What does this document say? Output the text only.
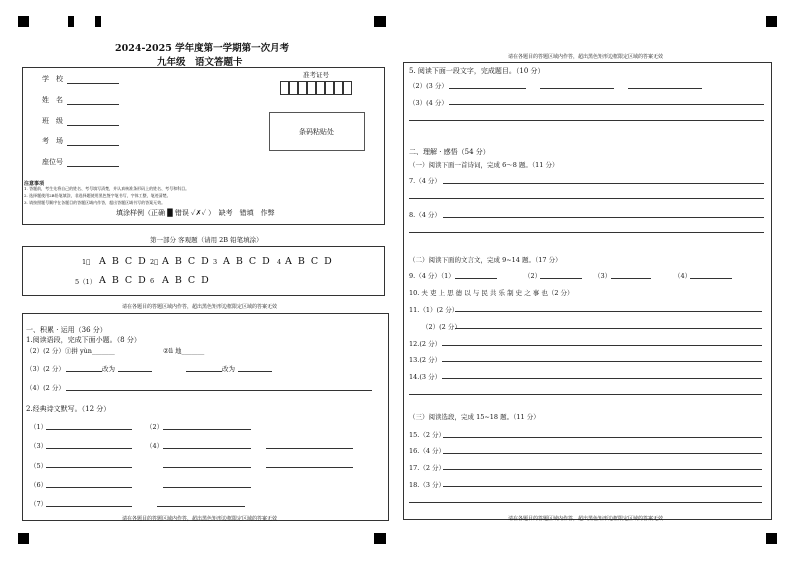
2024-2025 学年度第一学期第一次月考
九年级　语文答题卡
学　校
姓　名
班　级
考　场
座位号
准考证号
条码粘贴处
注意事项
1. 答题前，考生先将自己的姓名、考号填写清楚，并认真核准条形码上的姓名、考号和科目。
2. 选择题使用2B铅笔填涂，非选择题使用黑色签字笔书写，字体工整，笔迹清楚。
3. 请按照题号顺序在各题目的答题区域内作答，超出答题区域书写的答案无效。
填涂样例（正确 █ 错误 ✓✗✓ ）　缺考　错填　作弊
第一部分 客观题（请用 2B 铅笔填涂）
1⃝ A B C D 2⃝ A B C D 3 A B C D 4 A B C D
5（1） A B C D 6 A B C D
请在各题目的答题区域内作答，超出黑色矩形边框限定区域的答案无效
一、积累 · 运用（36 分）
1.阅读语段，完成下面小题。（8 分）
（2）(2 分）①拼 yùn_______	②lì 地_______
（3）(2 分）	改为	改为
（4）(2 分）
2.经典诗文默写。（12 分）
（1）	（2）
（3）	（4）
（5）
（6）
（7）
请在各题目的答题区域内作答，超出黑色矩形边框限定区域的答案无效
请在各题目的答题区域内作答，超出黑色矩形边框限定区域的答案无效
5. 阅读下面一段文字，完成题目。（10 分）
（2）(3 分）
（3）(4 分）
二、理解 · 感悟（54 分）
（一）阅读下面一首诗词，完成 6～8 题。（11 分）
7.（4 分）
8.（4 分）
（二）阅读下面的文言文，完成 9~14 题。（17 分）
9.（4 分）（1）	（2）	（3）	（4）
10. 夫 吏 上 思 德 以 与 民 共 乐 制 史 之 事 也（2 分）
11.（1）(2 分）
（2）(2 分）
12.(2 分）
13.(2 分）
14.(3 分）
（三）阅读选段，完成 15~18 题。（11 分）
15.（2 分）
16.（4 分）
17.（2 分）
18.（3 分）
请在各题目的答题区域内作答，超出黑色矩形边框限定区域的答案无效
